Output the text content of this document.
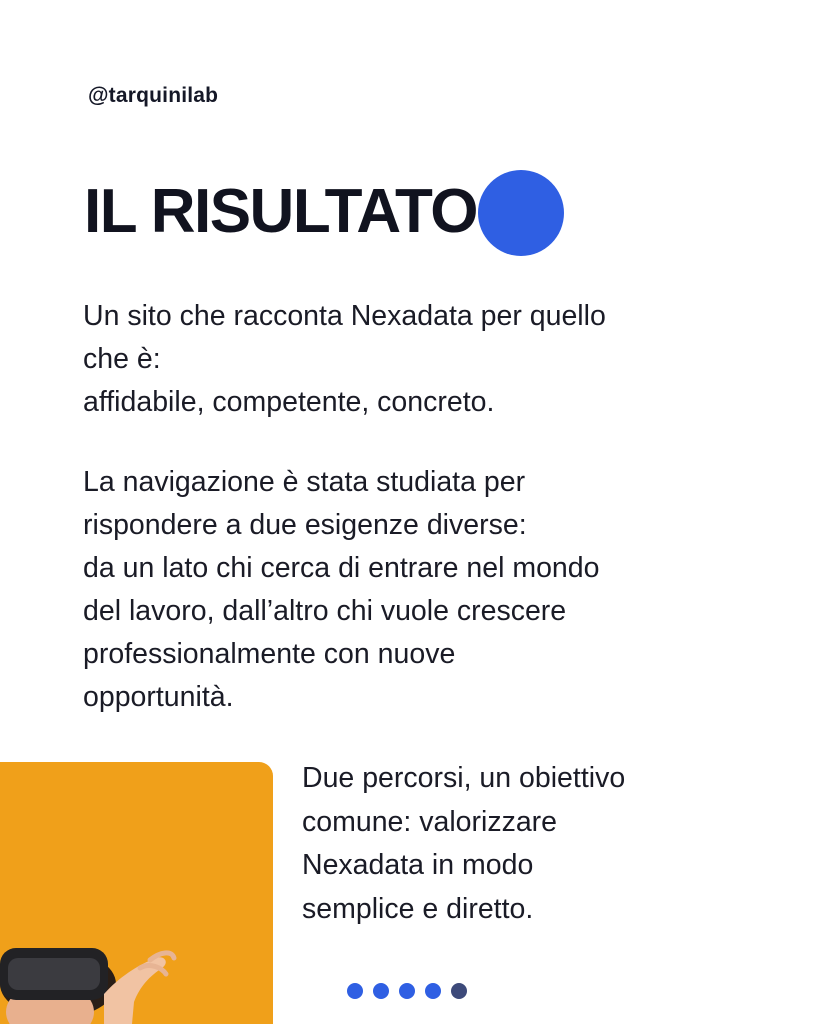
@tarquinilab
IL RISULTATO

Un sito che racconta Nexadata per quello
che è:
affidabile, competente, concreto.

La navigazione è stata studiata per
rispondere a due esigenze diverse:
da un lato chi cerca di entrare nel mondo
del lavoro, dall’altro chi vuole crescere
professionalmente con nuove
opportunità.

Due percorsi, un obiettivo
comune: valorizzare
Nexadata in modo
semplice e diretto.
